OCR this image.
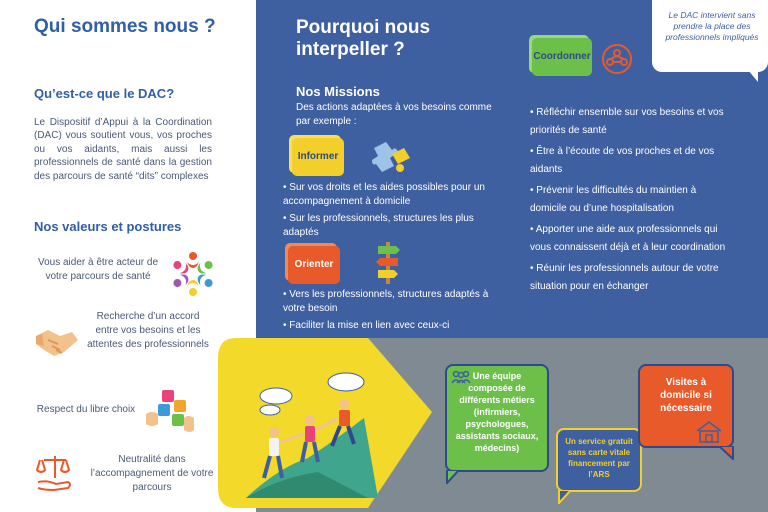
Qui sommes nous ?
Qu’est-ce que le DAC?
Le Dispositif d’Appui à la Coordination (DAC) vous soutient vous, vos proches ou vos aidants, mais aussi les professionnels de santé dans la gestion des parcours de santé “dits” complexes
Nos valeurs et postures
Vous aider à être acteur de votre parcours de santé
Recherche d’un accord entre vos besoins et les attentes des professionnels
Respect du libre choix
Neutralité dans l’accompagnement de votre parcours
Pourquoi nous
interpeller ?
Nos Missions
Des actions adaptées à vos besoins comme par exemple :
Le DAC intervient sans prendre la place des professionnels impliqués
Informer
• Sur vos droits et les aides possibles pour un accompagnement à domicile
• Sur les professionnels, structures les plus adaptés
Orienter
• Vers les professionnels, structures adaptés à votre besoin
• Faciliter la mise en lien avec ceux-ci
Coordonner
• Réfléchir ensemble sur vos besoins et vos priorités de santé
• Être à l’écoute de vos proches et de vos aidants
• Prévenir les difficultés du maintien à domicile ou d’une hospitalisation
• Apporter une aide aux professionnels qui vous connaissent déjà et à leur coordination
• Réunir les professionnels autour de votre situation pour en échanger
Une équipe composée de différents métiers (infirmiers, psychologues, assistants sociaux, médecins)
Un service gratuit sans carte vitale financement par l’ARS
Visites à domicile si nécessaire
